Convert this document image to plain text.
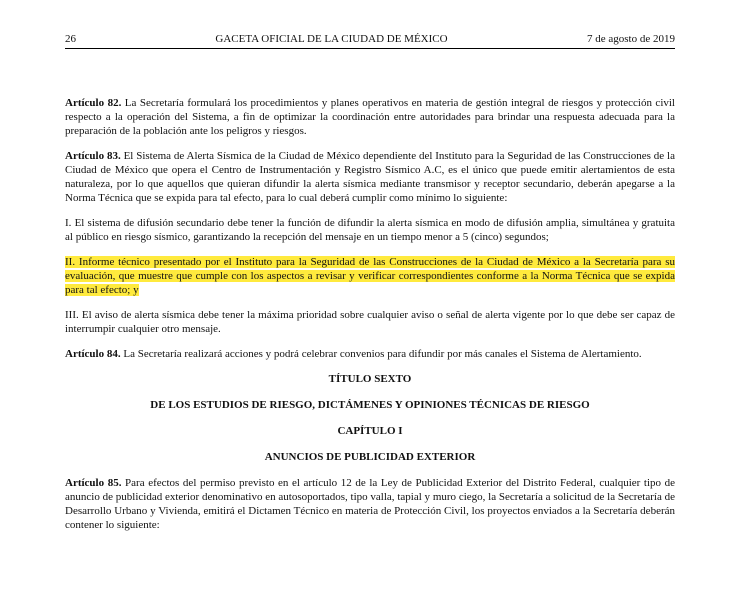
26	GACETA OFICIAL DE LA CIUDAD DE MÉXICO	7 de agosto de 2019

Artículo 82. La Secretaría formulará los procedimientos y planes operativos en materia de gestión integral de riesgos y protección civil respecto a la operación del Sistema, a fin de optimizar la coordinación entre autoridades para brindar una respuesta adecuada para la preparación de la población ante los peligros y riesgos.

Artículo 83. El Sistema de Alerta Sísmica de la Ciudad de México dependiente del Instituto para la Seguridad de las Construcciones de la Ciudad de México que opera el Centro de Instrumentación y Registro Sísmico A.C, es el único que puede emitir alertamientos de esta naturaleza, por lo que aquellos que quieran difundir la alerta sísmica mediante transmisor y receptor secundario, deberán apegarse a la Norma Técnica que se expida para tal efecto, para lo cual deberá cumplir como mínimo lo siguiente:

I. El sistema de difusión secundario debe tener la función de difundir la alerta sísmica en modo de difusión amplia, simultánea y gratuita al público en riesgo sísmico, garantizando la recepción del mensaje en un tiempo menor a 5 (cinco) segundos;

II. Informe técnico presentado por el Instituto para la Seguridad de las Construcciones de la Ciudad de México a la Secretaría para su evaluación, que muestre que cumple con los aspectos a revisar y verificar correspondientes conforme a la Norma Técnica que se expida para tal efecto; y

III. El aviso de alerta sísmica debe tener la máxima prioridad sobre cualquier aviso o señal de alerta vigente por lo que debe ser capaz de interrumpir cualquier otro mensaje.

Artículo 84. La Secretaría realizará acciones y podrá celebrar convenios para difundir por más canales el Sistema de Alertamiento.

TÍTULO SEXTO

DE LOS ESTUDIOS DE RIESGO, DICTÁMENES Y OPINIONES TÉCNICAS DE RIESGO

CAPÍTULO I

ANUNCIOS DE PUBLICIDAD EXTERIOR

Artículo 85. Para efectos del permiso previsto en el artículo 12 de la Ley de Publicidad Exterior del Distrito Federal, cualquier tipo de anuncio de publicidad exterior denominativo en autosoportados, tipo valla, tapial y muro ciego, la Secretaría a solicitud de la Secretaría de Desarrollo Urbano y Vivienda, emitirá el Dictamen Técnico en materia de Protección Civil, los proyectos enviados a la Secretaría deberán contener lo siguiente:
